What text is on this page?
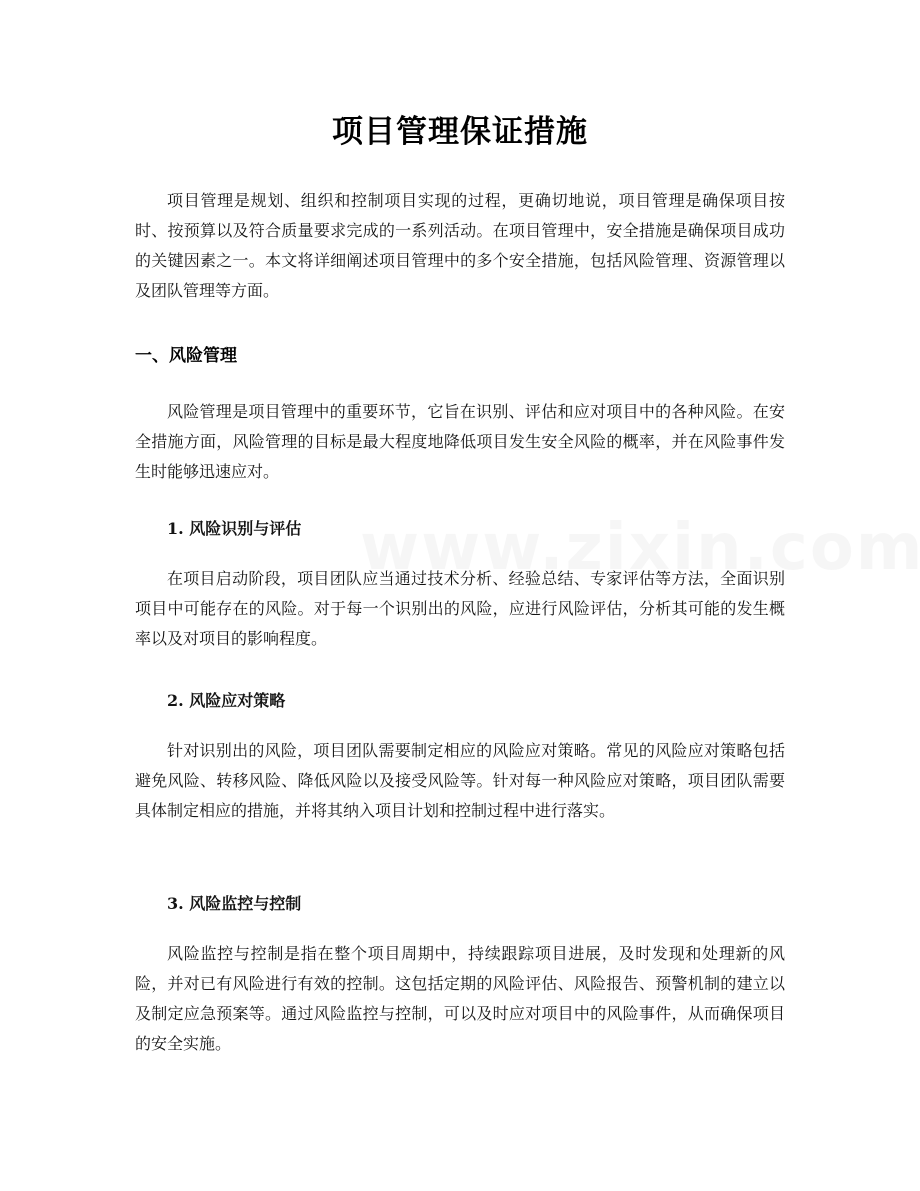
项目管理保证措施

项目管理是规划、组织和控制项目实现的过程，更确切地说，项目管理是确保项目按时、按预算以及符合质量要求完成的一系列活动。在项目管理中，安全措施是确保项目成功的关键因素之一。本文将详细阐述项目管理中的多个安全措施，包括风险管理、资源管理以及团队管理等方面。

一、风险管理

风险管理是项目管理中的重要环节，它旨在识别、评估和应对项目中的各种风险。在安全措施方面，风险管理的目标是最大程度地降低项目发生安全风险的概率，并在风险事件发生时能够迅速应对。

1. 风险识别与评估

在项目启动阶段，项目团队应当通过技术分析、经验总结、专家评估等方法，全面识别项目中可能存在的风险。对于每一个识别出的风险，应进行风险评估，分析其可能的发生概率以及对项目的影响程度。

2. 风险应对策略

针对识别出的风险，项目团队需要制定相应的风险应对策略。常见的风险应对策略包括避免风险、转移风险、降低风险以及接受风险等。针对每一种风险应对策略，项目团队需要具体制定相应的措施，并将其纳入项目计划和控制过程中进行落实。

3. 风险监控与控制

风险监控与控制是指在整个项目周期中，持续跟踪项目进展，及时发现和处理新的风险，并对已有风险进行有效的控制。这包括定期的风险评估、风险报告、预警机制的建立以及制定应急预案等。通过风险监控与控制，可以及时应对项目中的风险事件，从而确保项目的安全实施。
